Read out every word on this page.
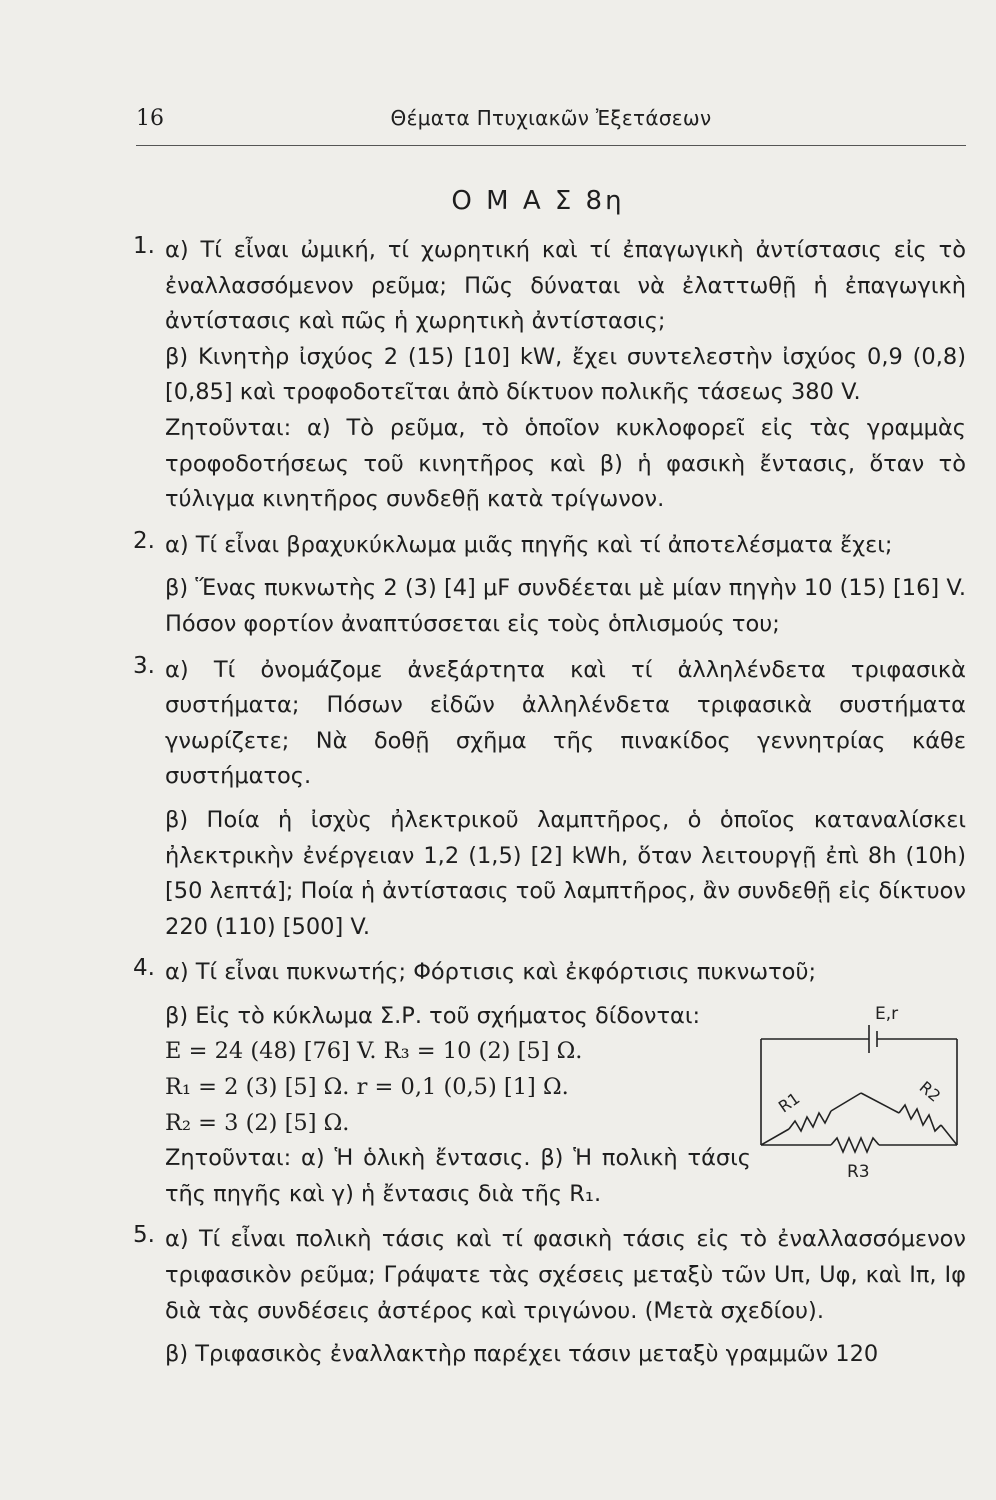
16	Θέματα Πτυχιακῶν Ἐξετάσεων
Ο Μ Α Σ 8η
1. α) Τί εἶναι ὠμική, τί χωρητική καὶ τί ἐπαγωγικὴ ἀντίστασις εἰς τὸ ἐναλλασσόμενον ρεῦμα; Πῶς δύναται νὰ ἐλαττωθῇ ἡ ἐπαγωγικὴ ἀντίστασις καὶ πῶς ἡ χωρητικὴ ἀντίστασις;

β) Κινητὴρ ἰσχύος 2 (15) [10] kW, ἔχει συντελεστὴν ἰσχύος 0,9 (0,8) [0,85] καὶ τροφοδοτεῖται ἀπὸ δίκτυον πολικῆς τάσεως 380 V.

Ζητοῦνται: α) Τὸ ρεῦμα, τὸ ὁποῖον κυκλοφορεῖ εἰς τὰς γραμμὰς τροφοδοτήσεως τοῦ κινητῆρος καὶ β) ἡ φασικὴ ἔντασις, ὅταν τὸ τύλιγμα κινητῆρος συνδεθῇ κατὰ τρίγωνον.

2. α) Τί εἶναι βραχυκύκλωμα μιᾶς πηγῆς καὶ τί ἀποτελέσματα ἔχει;

β) Ἕνας πυκνωτὴς 2 (3) [4] μF συνδέεται μὲ μίαν πηγὴν 10 (15) [16] V. Πόσον φορτίον ἀναπτύσσεται εἰς τοὺς ὁπλισμούς του;

3. α) Τί ὀνομάζομε ἀνεξάρτητα καὶ τί ἀλληλένδετα τριφασικὰ συστήματα; Πόσων εἰδῶν ἀλληλένδετα τριφασικὰ συστήματα γνωρίζετε; Νὰ δοθῇ σχῆμα τῆς πινακίδος γεννητρίας κάθε συστήματος.

β) Ποία ἡ ἰσχὺς ἠλεκτρικοῦ λαμπτῆρος, ὁ ὁποῖος καταναλίσκει ἠλεκτρικὴν ἐνέργειαν 1,2 (1,5) [2] kWh, ὅταν λειτουργῇ ἐπὶ 8h (10h) [50 λεπτά]; Ποία ἡ ἀντίστασις τοῦ λαμπτῆρος, ἂν συνδεθῇ εἰς δίκτυον 220 (110) [500] V.

4. α) Τί εἶναι πυκνωτής; Φόρτισις καὶ ἐκφόρτισις πυκνωτοῦ;

E,r
R1	R2
R3

β) Εἰς τὸ κύκλωμα Σ.Ρ. τοῦ σχήματος δίδονται:

Ε = 24 (48) [76] V. R₃ = 10 (2) [5] Ω.

R₁ = 2 (3) [5] Ω. r = 0,1 (0,5) [1] Ω.

R₂ = 3 (2) [5] Ω.

Ζητοῦνται: α) Ἡ ὁλικὴ ἔντασις. β) Ἡ πολικὴ τάσις τῆς πηγῆς καὶ γ) ἡ ἔντασις διὰ τῆς R₁.

5. α) Τί εἶναι πολικὴ τάσις καὶ τί φασικὴ τάσις εἰς τὸ ἐναλλασσόμενον τριφασικὸν ρεῦμα; Γράψατε τὰς σχέσεις μεταξὺ τῶν Uπ, Uφ, καὶ Iπ, Iφ διὰ τὰς συνδέσεις ἀστέρος καὶ τριγώνου. (Μετὰ σχεδίου).

β) Τριφασικὸς ἐναλλακτὴρ παρέχει τάσιν μεταξὺ γραμμῶν 120
